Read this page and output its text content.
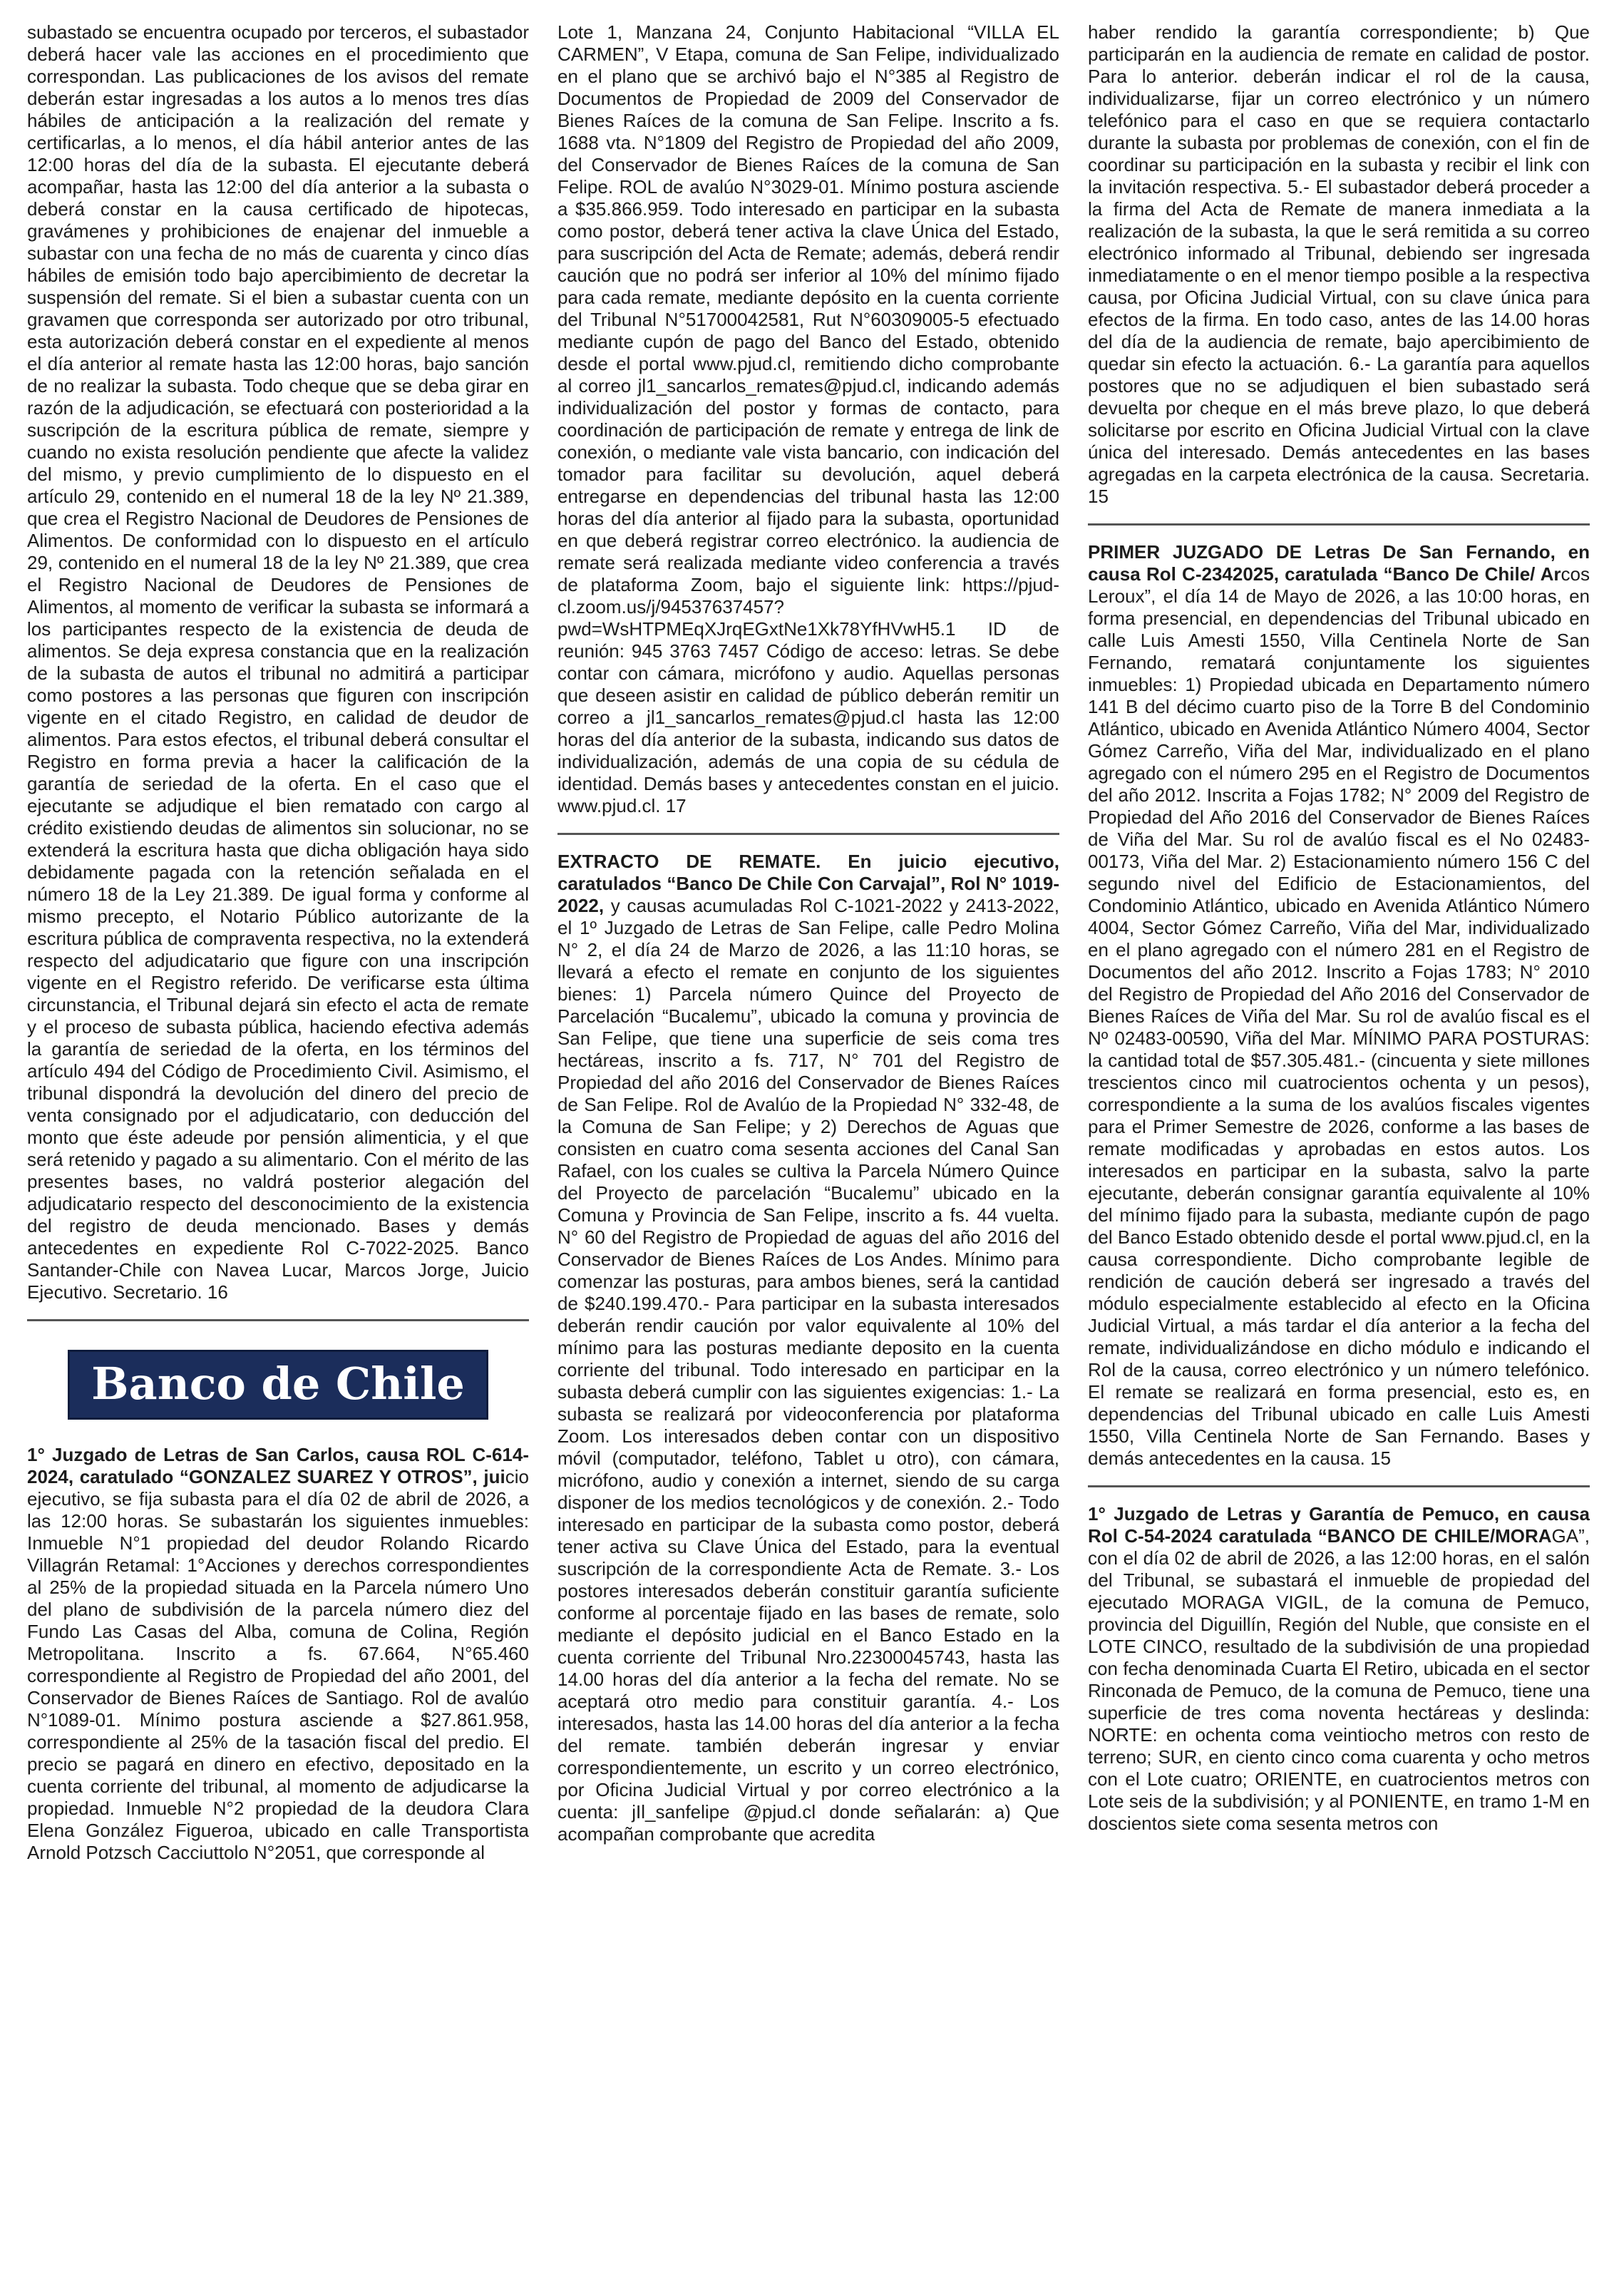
subastado se encuentra ocupado por terceros, el subastador deberá hacer vale las acciones en el procedimiento que correspondan. Las publicaciones de los avisos del remate deberán estar ingresadas a los autos a lo menos tres días hábiles de anticipación a la realización del remate y certificarlas, a lo menos, el día hábil anterior antes de las 12:00 horas del día de la subasta. El ejecutante deberá acompañar, hasta las 12:00 del día anterior a la subasta o deberá constar en la causa certificado de hipotecas, gravámenes y prohibiciones de enajenar del inmueble a subastar con una fecha de no más de cuarenta y cinco días hábiles de emisión todo bajo apercibimiento de decretar la suspensión del remate. Si el bien a subastar cuenta con un gravamen que corresponda ser autorizado por otro tribunal, esta autorización deberá constar en el expediente al menos el día anterior al remate hasta las 12:00 horas, bajo sanción de no realizar la subasta. Todo cheque que se deba girar en razón de la adjudicación, se efectuará con posterioridad a la suscripción de la escritura pública de remate, siempre y cuando no exista resolución pendiente que afecte la validez del mismo, y previo cumplimiento de lo dispuesto en el artículo 29, contenido en el numeral 18 de la ley Nº 21.389, que crea el Registro Nacional de Deudores de Pensiones de Alimentos. De conformidad con lo dispuesto en el artículo 29, contenido en el numeral 18 de la ley Nº 21.389, que crea el Registro Nacional de Deudores de Pensiones de Alimentos, al momento de verificar la subasta se informará a los participantes respecto de la existencia de deuda de alimentos. Se deja expresa constancia que en la realización de la subasta de autos el tribunal no admitirá a participar como postores a las personas que figuren con inscripción vigente en el citado Registro, en calidad de deudor de alimentos. Para estos efectos, el tribunal deberá consultar el Registro en forma previa a hacer la calificación de la garantía de seriedad de la oferta. En el caso que el ejecutante se adjudique el bien rematado con cargo al crédito existiendo deudas de alimentos sin solucionar, no se extenderá la escritura hasta que dicha obligación haya sido debidamente pagada con la retención señalada en el número 18 de la Ley 21.389. De igual forma y conforme al mismo precepto, el Notario Público autorizante de la escritura pública de compraventa respectiva, no la extenderá respecto del adjudicatario que figure con una inscripción vigente en el Registro referido. De verificarse esta última circunstancia, el Tribunal dejará sin efecto el acta de remate y el proceso de subasta pública, haciendo efectiva además la garantía de seriedad de la oferta, en los términos del artículo 494 del Código de Procedimiento Civil. Asimismo, el tribunal dispondrá la devolución del dinero del precio de venta consignado por el adjudicatario, con deducción del monto que éste adeude por pensión alimenticia, y el que será retenido y pagado a su alimentario. Con el mérito de las presentes bases, no valdrá posterior alegación del adjudicatario respecto del desconocimiento de la existencia del registro de deuda mencionado. Bases y demás antecedentes en expediente Rol C-7022-2025. Banco Santander-Chile con Navea Lucar, Marcos Jorge, Juicio Ejecutivo. Secretario. 16

Banco de Chile

1° Juzgado de Letras de San Carlos, causa ROL C-614-2024, caratulado “GONZALEZ SUAREZ Y OTROS”, juicio ejecutivo, se fija subasta para el día 02 de abril de 2026, a las 12:00 horas. Se subastarán los siguientes inmuebles: Inmueble N°1 propiedad del deudor Rolando Ricardo Villagrán Retamal: 1°Acciones y derechos correspondientes al 25% de la propiedad situada en la Parcela número Uno del plano de subdivisión de la parcela número diez del Fundo Las Casas del Alba, comuna de Colina, Región Metropolitana. Inscrito a fs. 67.664, N°65.460 correspondiente al Registro de Propiedad del año 2001, del Conservador de Bienes Raíces de Santiago. Rol de avalúo N°1089-01. Mínimo postura asciende a $27.861.958, correspondiente al 25% de la tasación fiscal del predio. El precio se pagará en dinero en efectivo, depositado en la cuenta corriente del tribunal, al momento de adjudicarse la propiedad. Inmueble N°2 propiedad de la deudora Clara Elena González Figueroa, ubicado en calle Transportista Arnold Potzsch Cacciuttolo N°2051, que corresponde al

Lote 1, Manzana 24, Conjunto Habitacional “VILLA EL CARMEN”, V Etapa, comuna de San Felipe, individualizado en el plano que se archivó bajo el N°385 al Registro de Documentos de Propiedad de 2009 del Conservador de Bienes Raíces de la comuna de San Felipe. Inscrito a fs. 1688 vta. N°1809 del Registro de Propiedad del año 2009, del Conservador de Bienes Raíces de la comuna de San Felipe. ROL de avalúo N°3029-01. Mínimo postura asciende a $35.866.959. Todo interesado en participar en la subasta como postor, deberá tener activa la clave Única del Estado, para suscripción del Acta de Remate; además, deberá rendir caución que no podrá ser inferior al 10% del mínimo fijado para cada remate, mediante depósito en la cuenta corriente del Tribunal N°51700042581, Rut N°60309005-5 efectuado mediante cupón de pago del Banco del Estado, obtenido desde el portal www.pjud.cl, remitiendo dicho comprobante al correo jl1_sancarlos_remates@pjud.cl, indicando además individualización del postor y formas de contacto, para coordinación de participación de remate y entrega de link de conexión, o mediante vale vista bancario, con indicación del tomador para facilitar su devolución, aquel deberá entregarse en dependencias del tribunal hasta las 12:00 horas del día anterior al fijado para la subasta, oportunidad en que deberá registrar correo electrónico. la audiencia de remate será realizada mediante video conferencia a través de plataforma Zoom, bajo el siguiente link: https://pjud-cl.zoom.us/j/94537637457?pwd=WsHTPMEqXJrqEGxtNe1Xk78YfHVwH5.1 ID de reunión: 945 3763 7457 Código de acceso: letras. Se debe contar con cámara, micrófono y audio. Aquellas personas que deseen asistir en calidad de público deberán remitir un correo a jl1_sancarlos_remates@pjud.cl hasta las 12:00 horas del día anterior de la subasta, indicando sus datos de individualización, además de una copia de su cédula de identidad. Demás bases y antecedentes constan en el juicio. www.pjud.cl. 17

EXTRACTO DE REMATE. En juicio ejecutivo, caratulados “Banco De Chile Con Carvajal”, Rol N° 1019-2022, y causas acumuladas Rol C-1021-2022 y 2413-2022, el 1º Juzgado de Letras de San Felipe, calle Pedro Molina N° 2, el día 24 de Marzo de 2026, a las 11:10 horas, se llevará a efecto el remate en conjunto de los siguientes bienes: 1) Parcela número Quince del Proyecto de Parcelación “Bucalemu”, ubicado la comuna y provincia de San Felipe, que tiene una superficie de seis coma tres hectáreas, inscrito a fs. 717, N° 701 del Registro de Propiedad del año 2016 del Conservador de Bienes Raíces de San Felipe. Rol de Avalúo de la Propiedad N° 332-48, de la Comuna de San Felipe; y 2) Derechos de Aguas que consisten en cuatro coma sesenta acciones del Canal San Rafael, con los cuales se cultiva la Parcela Número Quince del Proyecto de parcelación “Bucalemu” ubicado en la Comuna y Provincia de San Felipe, inscrito a fs. 44 vuelta. N° 60 del Registro de Propiedad de aguas del año 2016 del Conservador de Bienes Raíces de Los Andes. Mínimo para comenzar las posturas, para ambos bienes, será la cantidad de $240.199.470.- Para participar en la subasta interesados deberán rendir caución por valor equivalente al 10% del mínimo para las posturas mediante deposito en la cuenta corriente del tribunal. Todo interesado en participar en la subasta deberá cumplir con las siguientes exigencias: 1.- La subasta se realizará por videoconferencia por plataforma Zoom. Los interesados deben contar con un dispositivo móvil (computador, teléfono, Tablet u otro), con cámara, micrófono, audio y conexión a internet, siendo de su carga disponer de los medios tecnológicos y de conexión. 2.- Todo interesado en participar de la subasta como postor, deberá tener activa su Clave Única del Estado, para la eventual suscripción de la correspondiente Acta de Remate. 3.- Los postores interesados deberán constituir garantía suficiente conforme al porcentaje fijado en las bases de remate, solo mediante el depósito judicial en el Banco Estado en la cuenta corriente del Tribunal Nro.22300045743, hasta las 14.00 horas del día anterior a la fecha del remate. No se aceptará otro medio para constituir garantía. 4.- Los interesados, hasta las 14.00 horas del día anterior a la fecha del remate. también deberán ingresar y enviar correspondientemente, un escrito y un correo electrónico, por Oficina Judicial Virtual y por correo electrónico a la cuenta: jIl_sanfelipe @pjud.cl donde señalarán: a) Que acompañan comprobante que acredita

haber rendido la garantía correspondiente; b) Que participarán en la audiencia de remate en calidad de postor. Para lo anterior. deberán indicar el rol de la causa, individualizarse, fijar un correo electrónico y un número telefónico para el caso en que se requiera contactarlo durante la subasta por problemas de conexión, con el fin de coordinar su participación en la subasta y recibir el link con la invitación respectiva. 5.- El subastador deberá proceder a la firma del Acta de Remate de manera inmediata a la realización de la subasta, la que le será remitida a su correo electrónico informado al Tribunal, debiendo ser ingresada inmediatamente o en el menor tiempo posible a la respectiva causa, por Oficina Judicial Virtual, con su clave única para efectos de la firma. En todo caso, antes de las 14.00 horas del día de la audiencia de remate, bajo apercibimiento de quedar sin efecto la actuación. 6.- La garantía para aquellos postores que no se adjudiquen el bien subastado será devuelta por cheque en el más breve plazo, lo que deberá solicitarse por escrito en Oficina Judicial Virtual con la clave única del interesado. Demás antecedentes en las bases agregadas en la carpeta electrónica de la causa. Secretaria. 15

PRIMER JUZGADO DE Letras De San Fernando, en causa Rol C-2342025, caratulada “Banco De Chile/ Arcos Leroux”, el día 14 de Mayo de 2026, a las 10:00 horas, en forma presencial, en dependencias del Tribunal ubicado en calle Luis Amesti 1550, Villa Centinela Norte de San Fernando, rematará conjuntamente los siguientes inmuebles: 1) Propiedad ubicada en Departamento número 141 B del décimo cuarto piso de la Torre B del Condominio Atlántico, ubicado en Avenida Atlántico Número 4004, Sector Gómez Carreño, Viña del Mar, individualizado en el plano agregado con el número 295 en el Registro de Documentos del año 2012. Inscrita a Fojas 1782; N° 2009 del Registro de Propiedad del Año 2016 del Conservador de Bienes Raíces de Viña del Mar. Su rol de avalúo fiscal es el No 02483-00173, Viña del Mar. 2) Estacionamiento número 156 C del segundo nivel del Edificio de Estacionamientos, del Condominio Atlántico, ubicado en Avenida Atlántico Número 4004, Sector Gómez Carreño, Viña del Mar, individualizado en el plano agregado con el número 281 en el Registro de Documentos del año 2012. Inscrito a Fojas 1783; N° 2010 del Registro de Propiedad del Año 2016 del Conservador de Bienes Raíces de Viña del Mar. Su rol de avalúo fiscal es el Nº 02483-00590, Viña del Mar. MÍNIMO PARA POSTURAS: la cantidad total de $57.305.481.- (cincuenta y siete millones trescientos cinco mil cuatrocientos ochenta y un pesos), correspondiente a la suma de los avalúos fiscales vigentes para el Primer Semestre de 2026, conforme a las bases de remate modificadas y aprobadas en estos autos. Los interesados en participar en la subasta, salvo la parte ejecutante, deberán consignar garantía equivalente al 10% del mínimo fijado para la subasta, mediante cupón de pago del Banco Estado obtenido desde el portal www.pjud.cl, en la causa correspondiente. Dicho comprobante legible de rendición de caución deberá ser ingresado a través del módulo especialmente establecido al efecto en la Oficina Judicial Virtual, a más tardar el día anterior a la fecha del remate, individualizándose en dicho módulo e indicando el Rol de la causa, correo electrónico y un número telefónico. El remate se realizará en forma presencial, esto es, en dependencias del Tribunal ubicado en calle Luis Amesti 1550, Villa Centinela Norte de San Fernando. Bases y demás antecedentes en la causa. 15

1° Juzgado de Letras y Garantía de Pemuco, en causa Rol C-54-2024 caratulada “BANCO DE CHILE/MORAGA”, con el día 02 de abril de 2026, a las 12:00 horas, en el salón del Tribunal, se subastará el inmueble de propiedad del ejecutado MORAGA VIGIL, de la comuna de Pemuco, provincia del Diguillín, Región del Nuble, que consiste en el LOTE CINCO, resultado de la subdivisión de una propiedad con fecha denominada Cuarta El Retiro, ubicada en el sector Rinconada de Pemuco, de la comuna de Pemuco, tiene una superficie de tres coma noventa hectáreas y deslinda: NORTE: en ochenta coma veintiocho metros con resto de terreno; SUR, en ciento cinco coma cuarenta y ocho metros con el Lote cuatro; ORIENTE, en cuatrocientos metros con Lote seis de la subdivisión; y al PONIENTE, en tramo 1-M en doscientos siete coma sesenta metros con
